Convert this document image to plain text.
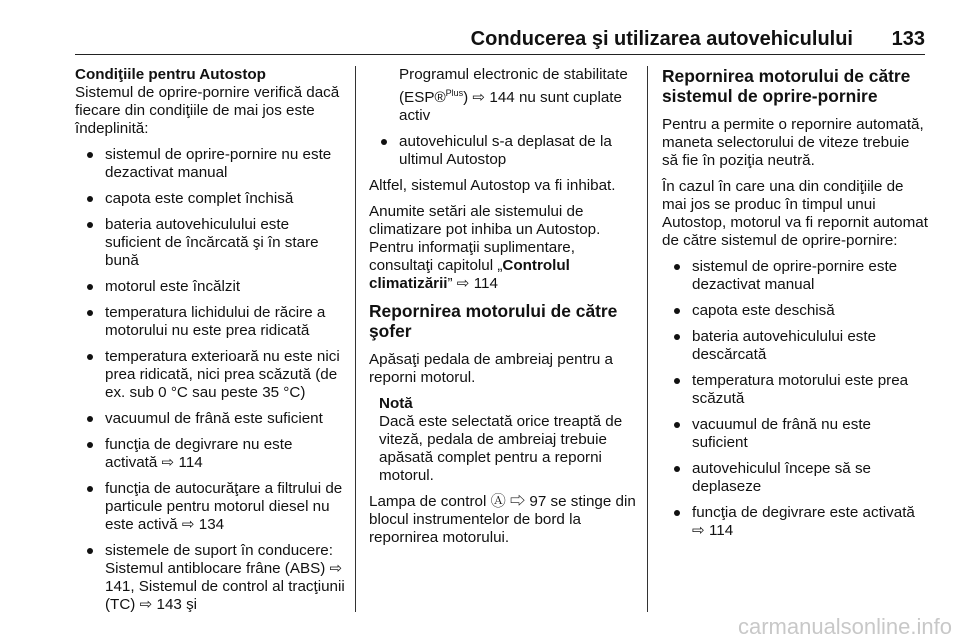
Conducerea şi utilizarea autovehiculului 133

Condiţiile pentru Autostop

Sistemul de oprire-pornire verifică dacă fiecare din condiţiile de mai jos este îndeplinită:

sistemul de oprire-pornire nu este dezactivat manual
capota este complet închisă
bateria autovehiculului este suficient de încărcată şi în stare bună
motorul este încălzit
temperatura lichidului de răcire a motorului nu este prea ridicată
temperatura exterioară nu este nici prea ridicată, nici prea scăzută (de ex. sub 0 °C sau peste 35 °C)
vacuumul de frână este suficient
funcţia de degivrare nu este activată ⇨ 114
funcţia de autocurăţare a filtrului de particule pentru motorul diesel nu este activă ⇨ 134
sistemele de suport în conducere: Sistemul antiblocare frâne (ABS) ⇨ 141, Sistemul de control al tracţiunii (TC) ⇨ 143 şi
Programul electronic de stabilitate (ESP®$^{Plus}$) ⇨ 144 nu sunt cuplate activ
autovehiculul s-a deplasat de la ultimul Autostop

Altfel, sistemul Autostop va fi inhibat.

Anumite setări ale sistemului de climatizare pot inhiba un Autostop. Pentru informaţii suplimentare, consultaţi capitolul „Controlul climatizării” ⇨ 114

Repornirea motorului de către şofer

Apăsaţi pedala de ambreiaj pentru a reporni motorul.

Notă
Dacă este selectată orice treaptă de viteză, pedala de ambreiaj trebuie apăsată complet pentru a reporni motorul.

Lampa de control Ⓐ ⇨ 97 se stinge din blocul instrumentelor de bord la repornirea motorului.

Repornirea motorului de către sistemul de oprire-pornire

Pentru a permite o repornire automată, maneta selectorului de viteze trebuie să fie în poziţia neutră.

În cazul în care una din condiţiile de mai jos se produc în timpul unui Autostop, motorul va fi repornit automat de către sistemul de oprire-pornire:

sistemul de oprire-pornire este dezactivat manual
capota este deschisă
bateria autovehiculului este descărcată
temperatura motorului este prea scăzută
vacuumul de frână nu este suficient
autovehiculul începe să se deplaseze
funcţia de degivrare este activată ⇨ 114
carmanualsonline.info
